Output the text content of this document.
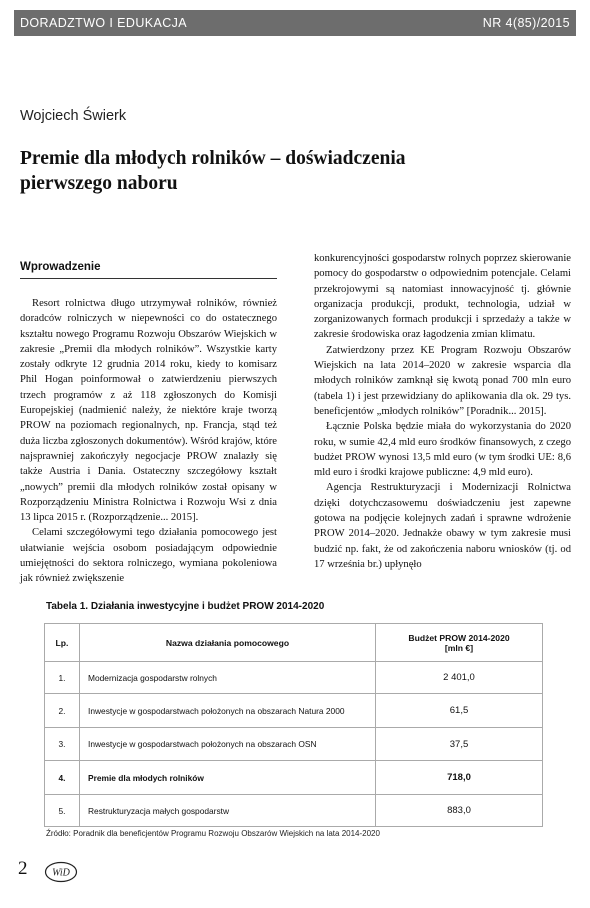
DORADZTWO I EDUKACJA	NR 4(85)/2015
Wojciech Świerk
Premie dla młodych rolników – doświadczenia
pierwszego naboru
Wprowadzenie

Resort rolnictwa długo utrzymywał rolników, również doradców rolniczych w niepewności co do ostatecznego kształtu nowego Programu Rozwoju Obszarów Wiejskich w zakresie „Premii dla młodych rolników”. Wszystkie karty zostały odkryte 12 grudnia 2014 roku, kiedy to komisarz Phil Hogan poinformował o zatwierdzeniu pierwszych trzech programów z aż 118 zgłoszonych do Komisji Europejskiej (nadmienić należy, że niektóre kraje tworzą PROW na poziomach regionalnych, np. Francja, stąd też duża liczba zgłoszonych dokumentów). Wśród krajów, które najsprawniej zakończyły negocjacje PROW znalazły się także Austria i Dania. Ostateczny szczegółowy kształt „nowych” premii dla młodych rolników został opisany w Rozporządzeniu Ministra Rolnictwa i Rozwoju Wsi z dnia 13 lipca 2015 r. (Rozporządzenie... 2015].

Celami szczegółowymi tego działania pomocowego jest ułatwianie wejścia osobom posiadającym odpowiednie umiejętności do sektora rolniczego, wymiana pokoleniowa jak również zwiększenie

konkurencyjności gospodarstw rolnych poprzez skierowanie pomocy do gospodarstw o odpowiednim potencjale. Celami przekrojowymi są natomiast innowacyjność tj. głównie organizacja produkcji, produkt, technologia, udział w zorganizowanych formach produkcji i sprzedaży a także w zakresie środowiska oraz łagodzenia zmian klimatu.

Zatwierdzony przez KE Program Rozwoju Obszarów Wiejskich na lata 2014–2020 w zakresie wsparcia dla młodych rolników zamknął się kwotą ponad 700 mln euro (tabela 1) i jest przewidziany do aplikowania dla ok. 29 tys. beneficjentów „młodych rolników” [Poradnik... 2015].

Łącznie Polska będzie miała do wykorzystania do 2020 roku, w sumie 42,4 mld euro środków finansowych, z czego budżet PROW wynosi 13,5 mld euro (w tym środki UE: 8,6 mld euro i środki krajowe publiczne: 4,9 mld euro).

Agencja Restrukturyzacji i Modernizacji Rolnictwa dzięki dotychczasowemu doświadczeniu jest zapewne gotowa na podjęcie kolejnych zadań i sprawne wdrożenie PROW 2014–2020. Jednakże obawy w tym zakresie musi budzić np. fakt, że od zakończenia naboru wniosków (tj. od 17 września br.) upłynęło

Tabela 1. Działania inwestycyjne i budżet PROW 2014-2020
Lp.	Nazwa działania pomocowego	Budżet PROW 2014-2020
[mln €]
1.	Modernizacja gospodarstw rolnych	2 401,0
2.	Inwestycje w gospodarstwach położonych na obszarach Natura 2000	61,5
3.	Inwestycje w gospodarstwach położonych na obszarach OSN	37,5
4.	Premie dla młodych rolników	718,0
5.	Restrukturyzacja małych gospodarstw	883,0
Źródło: Poradnik dla beneficjentów Programu Rozwoju Obszarów Wiejskich na lata 2014-2020
2 WiD
